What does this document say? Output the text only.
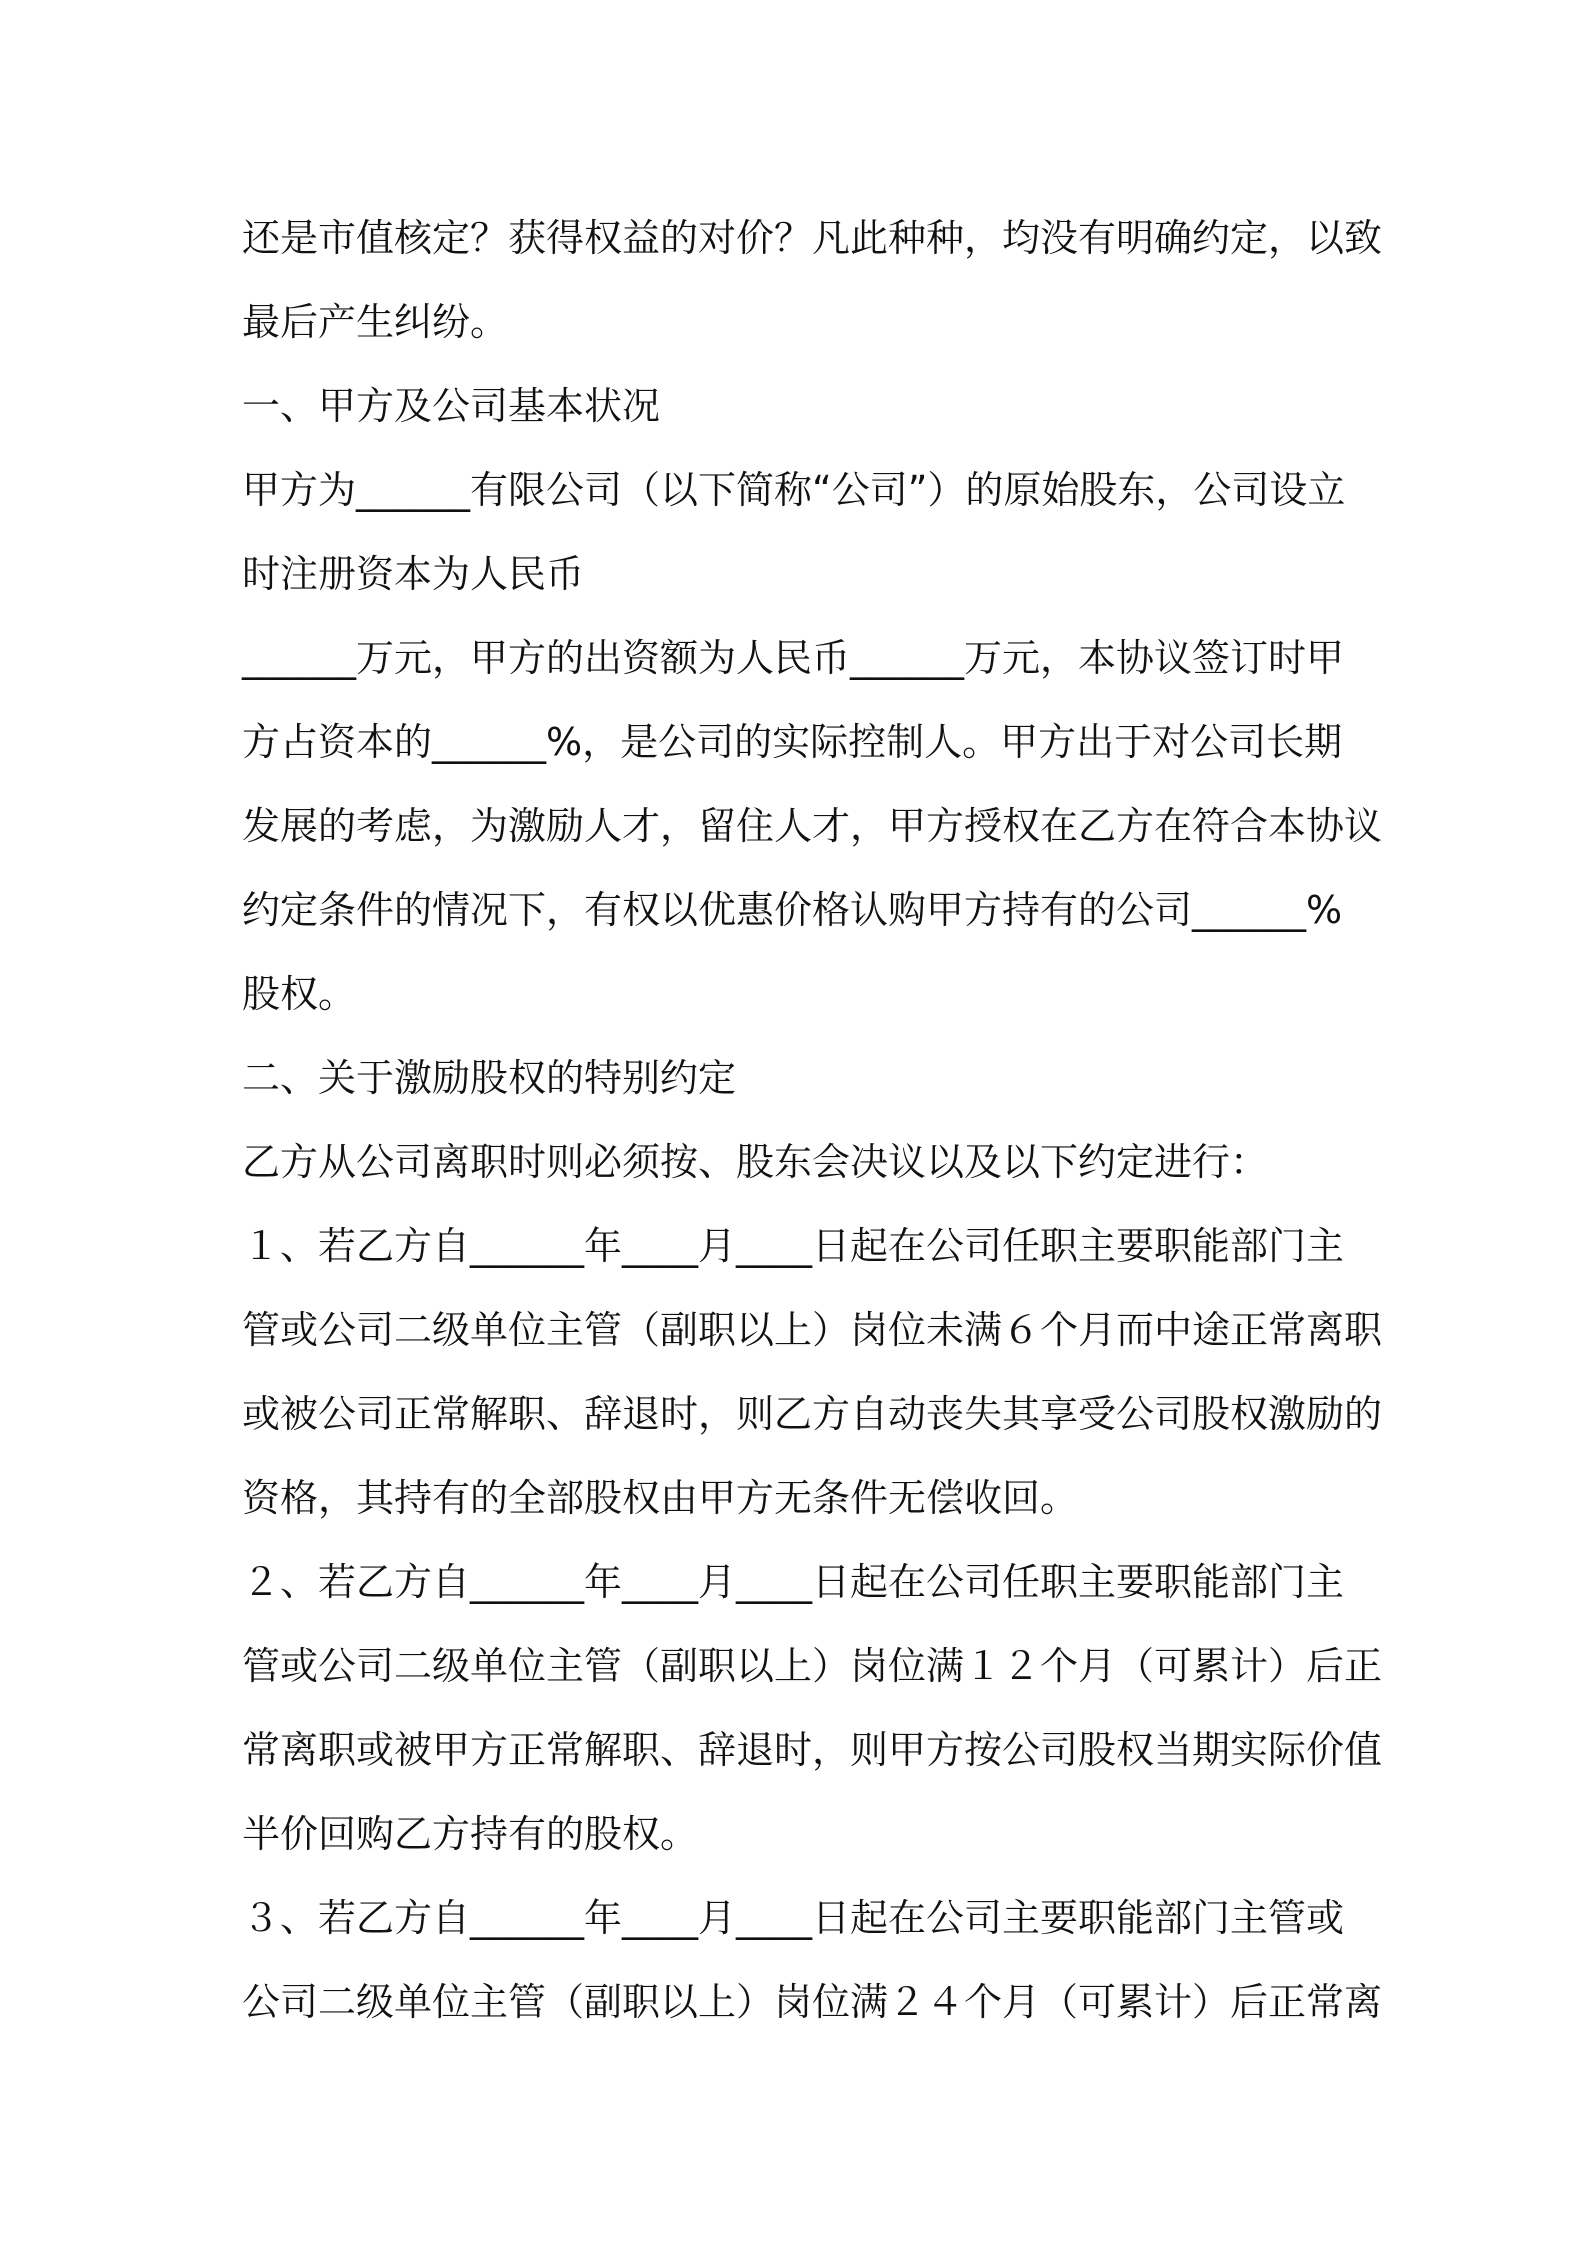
还是市值核定？获得权益的对价？凡此种种，均没有明确约定，以致
最后产生纠纷。
一、甲方及公司基本状况
甲方为______有限公司（以下简称“公司”）的原始股东，公司设立
时注册资本为人民币
______万元，甲方的出资额为人民币______万元，本协议签订时甲
方占资本的______%，是公司的实际控制人。甲方出于对公司长期
发展的考虑，为激励人才，留住人才，甲方授权在乙方在符合本协议
约定条件的情况下，有权以优惠价格认购甲方持有的公司______%
股权。
二、关于激励股权的特别约定
乙方从公司离职时则必须按、股东会决议以及以下约定进行：
１、若乙方自______年____月____日起在公司任职主要职能部门主
管或公司二级单位主管（副职以上）岗位未满６个月而中途正常离职
或被公司正常解职、辞退时，则乙方自动丧失其享受公司股权激励的
资格，其持有的全部股权由甲方无条件无偿收回。
２、若乙方自______年____月____日起在公司任职主要职能部门主
管或公司二级单位主管（副职以上）岗位满１２个月（可累计）后正
常离职或被甲方正常解职、辞退时，则甲方按公司股权当期实际价值
半价回购乙方持有的股权。
３、若乙方自______年____月____日起在公司主要职能部门主管或
公司二级单位主管（副职以上）岗位满２４个月（可累计）后正常离
